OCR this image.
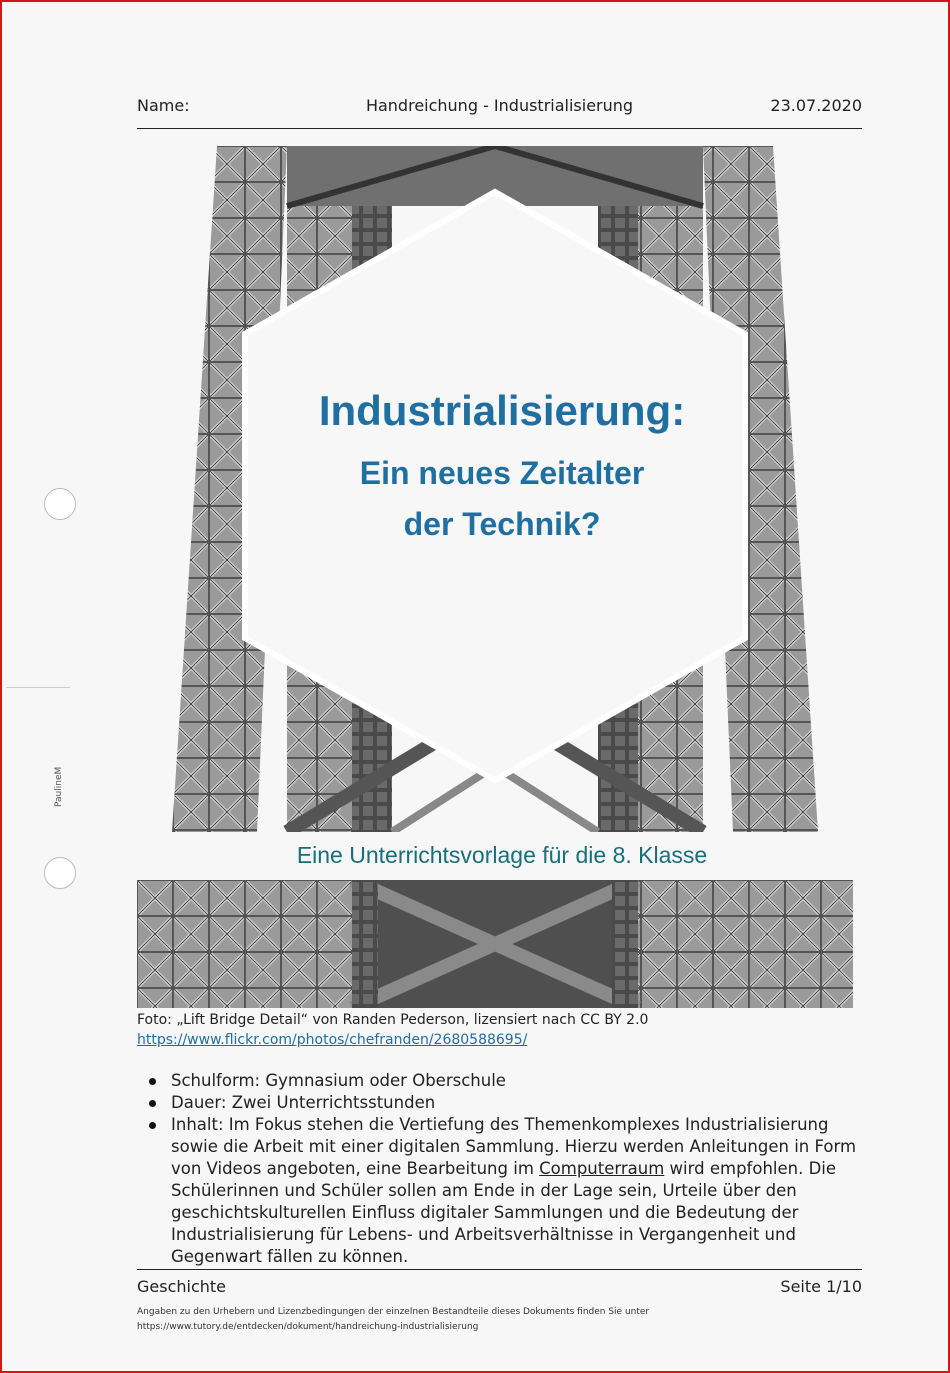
PaulineM
Name:	Handreichung - Industrialisierung	23.07.2020
Industrialisierung:
Ein neues Zeitalter
der Technik?
Eine Unterrichtsvorlage für die 8. Klasse
Foto: „Lift Bridge Detail“ von Randen Pederson, lizensiert nach CC BY 2.0
https://www.flickr.com/photos/chefranden/2680588695/
Schulform: Gymnasium oder Oberschule
Dauer: Zwei Unterrichtsstunden
Inhalt: Im Fokus stehen die Vertiefung des Themenkomplexes Industrialisierung sowie die Arbeit mit einer digitalen Sammlung. Hierzu werden Anleitungen in Form von Videos angeboten, eine Bearbeitung im Computerraum wird empfohlen. Die Schülerinnen und Schüler sollen am Ende in der Lage sein, Urteile über den geschichtskulturellen Einfluss digitaler Sammlungen und die Bedeutung der Industrialisierung für Lebens- und Arbeitsverhältnisse in Vergangenheit und Gegenwart fällen zu können.
Geschichte	Seite 1/10
Angaben zu den Urhebern und Lizenzbedingungen der einzelnen Bestandteile dieses Dokuments finden Sie unter
https://www.tutory.de/entdecken/dokument/handreichung-industrialisierung
